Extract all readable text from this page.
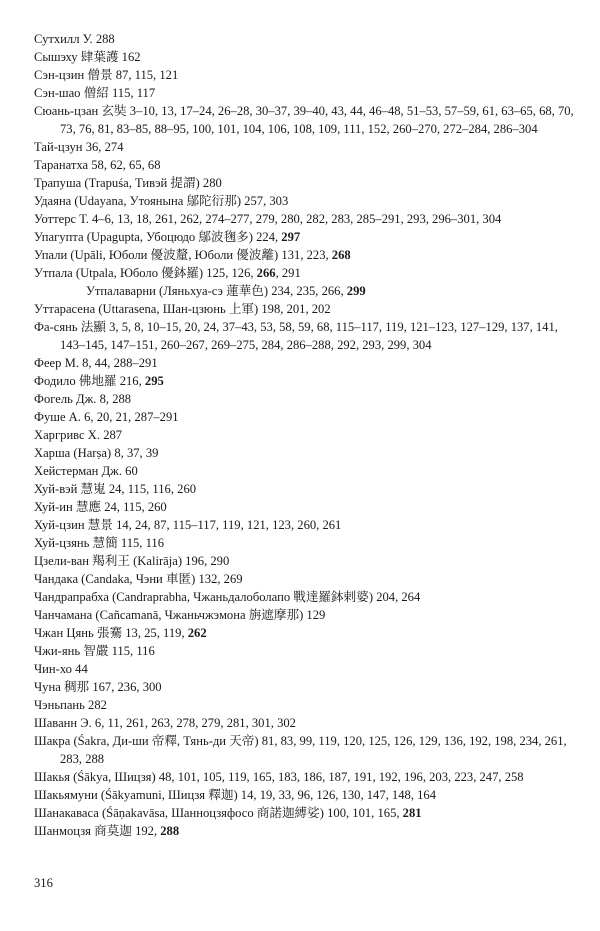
Сутхилл У. 288

Сышэху 肆葉護 162

Сэн-цзин 僧景 87, 115, 121

Сэн-шао 僧紹 115, 117

Сюань-цзан 玄奘 3–10, 13, 17–24, 26–28, 30–37, 39–40, 43, 44, 46–48, 51–53, 57–59, 61, 63–65, 68, 70, 73, 76, 81, 83–85, 88–95, 100, 101, 104, 106, 108, 109, 111, 152, 260–270, 272–284, 286–304

Тай-цзун 36, 274

Таранатха 58, 62, 65, 68

Трапуша (Trapuśa, Тивэй 提謂) 280

Удаяна (Udayana, Утоянына 鄔陀衍那) 257, 303

Уоттерс Т. 4–6, 13, 18, 261, 262, 274–277, 279, 280, 282, 283, 285–291, 293, 296–301, 304

Упагупта (Upagupta, Убоцюдо 鄔波毱多) 224, 297

Упали (Upāli, Юболи 優波釐, Юболи 優波離) 131, 223, 268

Утпала (Utpala, Юболо 優鉢羅) 125, 126, 266, 291

Утпалаварни (Ляньхуа-сэ 蓮華色) 234, 235, 266, 299

Уттарасена (Uttarasena, Шан-цзюнь 上軍) 198, 201, 202

Фа-сянь 法顯 3, 5, 8, 10–15, 20, 24, 37–43, 53, 58, 59, 68, 115–117, 119, 121–123, 127–129, 137, 141, 143–145, 147–151, 260–267, 269–275, 284, 286–288, 292, 293, 299, 304

Феер М. 8, 44, 288–291

Фодило 佛地羅 216, 295

Фогель Дж. 8, 288

Фуше А. 6, 20, 21, 287–291

Харгривс Х. 287

Харша (Harṣa) 8, 37, 39

Хейстерман Дж. 60

Хуй-вэй 慧嵬 24, 115, 116, 260

Хуй-ин 慧應 24, 115, 260

Хуй-цзин 慧景 14, 24, 87, 115–117, 119, 121, 123, 260, 261

Хуй-цзянь 慧簡 115, 116

Цзели-ван 羯利王 (Kalirāja) 196, 290

Чандака (Candaka, Чэни 車匿) 132, 269

Чандрапрабха (Candraprabha, Чжаньдалоболапо 戰達羅鉢剌婆) 204, 264

Чанчамана (Cañcamanā, Чжаньчжэмона 旃遮摩那) 129

Чжан Цянь 張騫 13, 25, 119, 262

Чжи-янь 智嚴 115, 116

Чин-хо 44

Чуна 稠那 167, 236, 300

Чэньпань 282

Шаванн Э. 6, 11, 261, 263, 278, 279, 281, 301, 302

Шакра (Śakra, Ди-ши 帝釋, Тянь-ди 天帝) 81, 83, 99, 119, 120, 125, 126, 129, 136, 192, 198, 234, 261, 283, 288

Шакья (Śākya, Шицзя) 48, 101, 105, 119, 165, 183, 186, 187, 191, 192, 196, 203, 223, 247, 258

Шакьямуни (Śākyamuni, Шицзя 釋迦) 14, 19, 33, 96, 126, 130, 147, 148, 164

Шанакаваса (Śāṇakavāsa, Шанноцзяфосо 商諾迦縛娑) 100, 101, 165, 281

Шанмоцзя 商莫迦 192, 288

316
